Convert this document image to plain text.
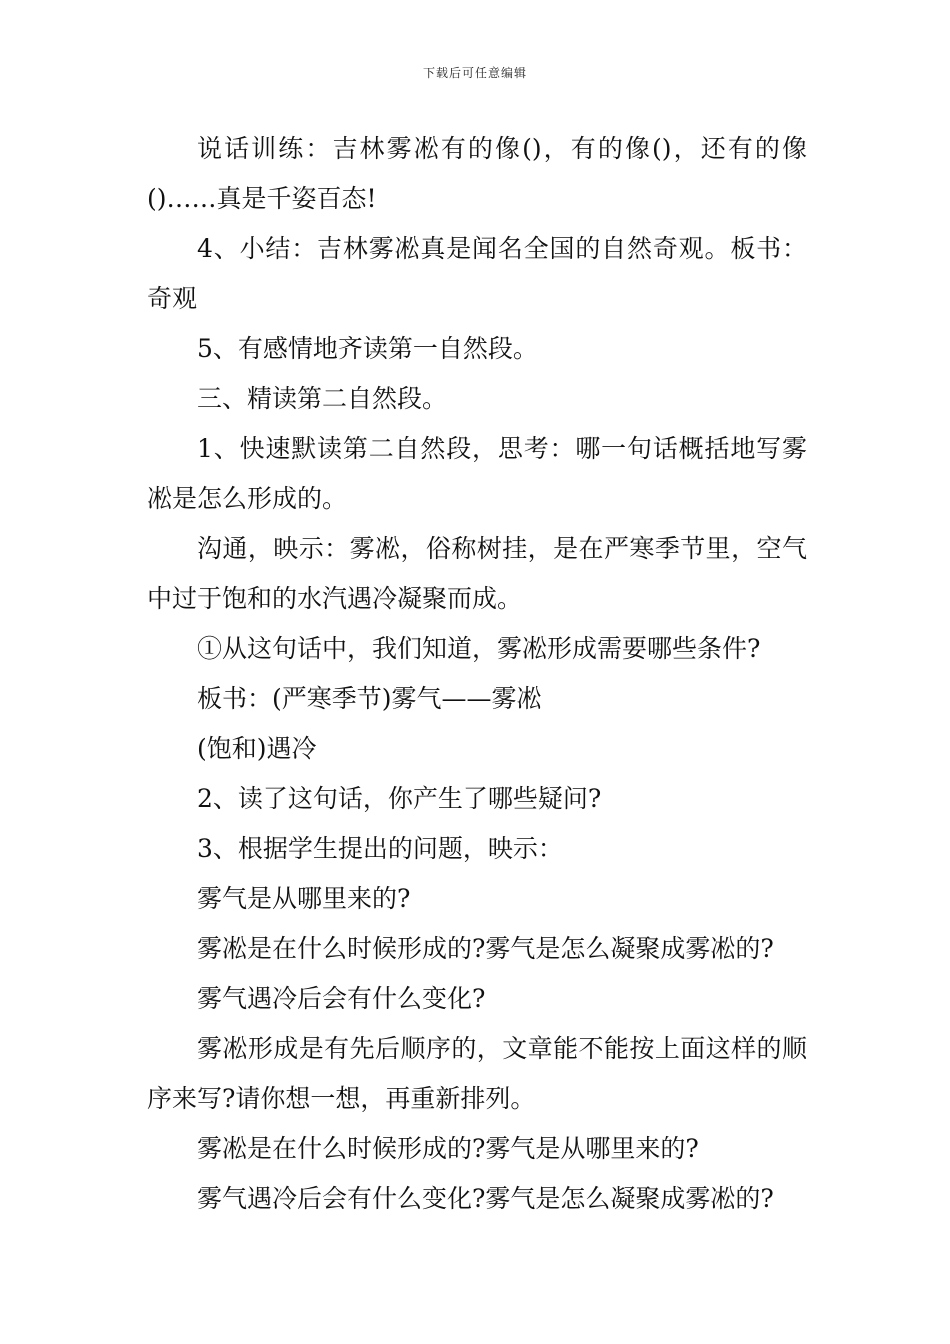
下载后可任意编辑

说话训练：吉林雾凇有的像()，有的像()，还有的像()……真是千姿百态!

4、小结：吉林雾凇真是闻名全国的自然奇观。板书：奇观

5、有感情地齐读第一自然段。

三、精读第二自然段。

1、快速默读第二自然段，思考：哪一句话概括地写雾凇是怎么形成的。

沟通，映示：雾凇，俗称树挂，是在严寒季节里，空气中过于饱和的水汽遇冷凝聚而成。

①从这句话中，我们知道，雾凇形成需要哪些条件?

板书：(严寒季节)雾气——雾凇

(饱和)遇冷

2、读了这句话，你产生了哪些疑问?

3、根据学生提出的问题，映示：

雾气是从哪里来的?

雾凇是在什么时候形成的?雾气是怎么凝聚成雾凇的?

雾气遇冷后会有什么变化?

雾凇形成是有先后顺序的，文章能不能按上面这样的顺序来写?请你想一想，再重新排列。

雾凇是在什么时候形成的?雾气是从哪里来的?

雾气遇冷后会有什么变化?雾气是怎么凝聚成雾凇的?
